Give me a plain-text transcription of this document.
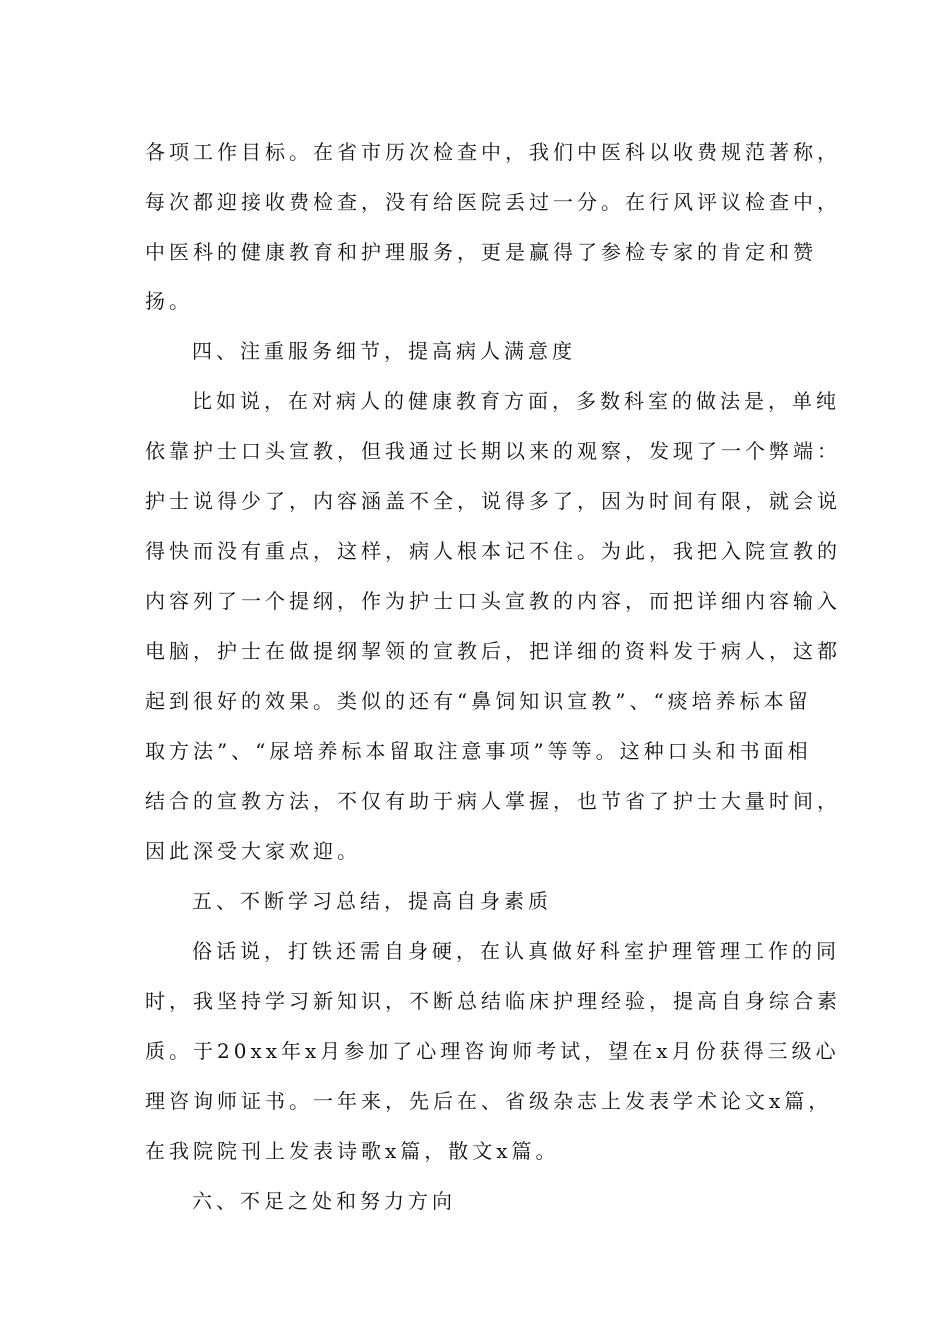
各项工作目标。在省市历次检查中，我们中医科以收费规范著称，
每次都迎接收费检查，没有给医院丢过一分。在行风评议检查中，
中医科的健康教育和护理服务，更是赢得了参检专家的肯定和赞
扬。
四、注重服务细节，提高病人满意度
比如说，在对病人的健康教育方面，多数科室的做法是，单纯
依靠护士口头宣教，但我通过长期以来的观察，发现了一个弊端：
护士说得少了，内容涵盖不全，说得多了，因为时间有限，就会说
得快而没有重点，这样，病人根本记不住。为此，我把入院宣教的
内容列了一个提纲，作为护士口头宣教的内容，而把详细内容输入
电脑，护士在做提纲挈领的宣教后，把详细的资料发于病人，这都
起到很好的效果。类似的还有“鼻饲知识宣教”、“痰培养标本留
取方法”、“尿培养标本留取注意事项”等等。这种口头和书面相
结合的宣教方法，不仅有助于病人掌握，也节省了护士大量时间，
因此深受大家欢迎。
五、不断学习总结，提高自身素质
俗话说，打铁还需自身硬，在认真做好科室护理管理工作的同
时，我坚持学习新知识，不断总结临床护理经验，提高自身综合素
质。于20xx年x月参加了心理咨询师考试，望在x月份获得三级心
理咨询师证书。一年来，先后在、省级杂志上发表学术论文x篇，
在我院院刊上发表诗歌x篇，散文x篇。
六、不足之处和努力方向
